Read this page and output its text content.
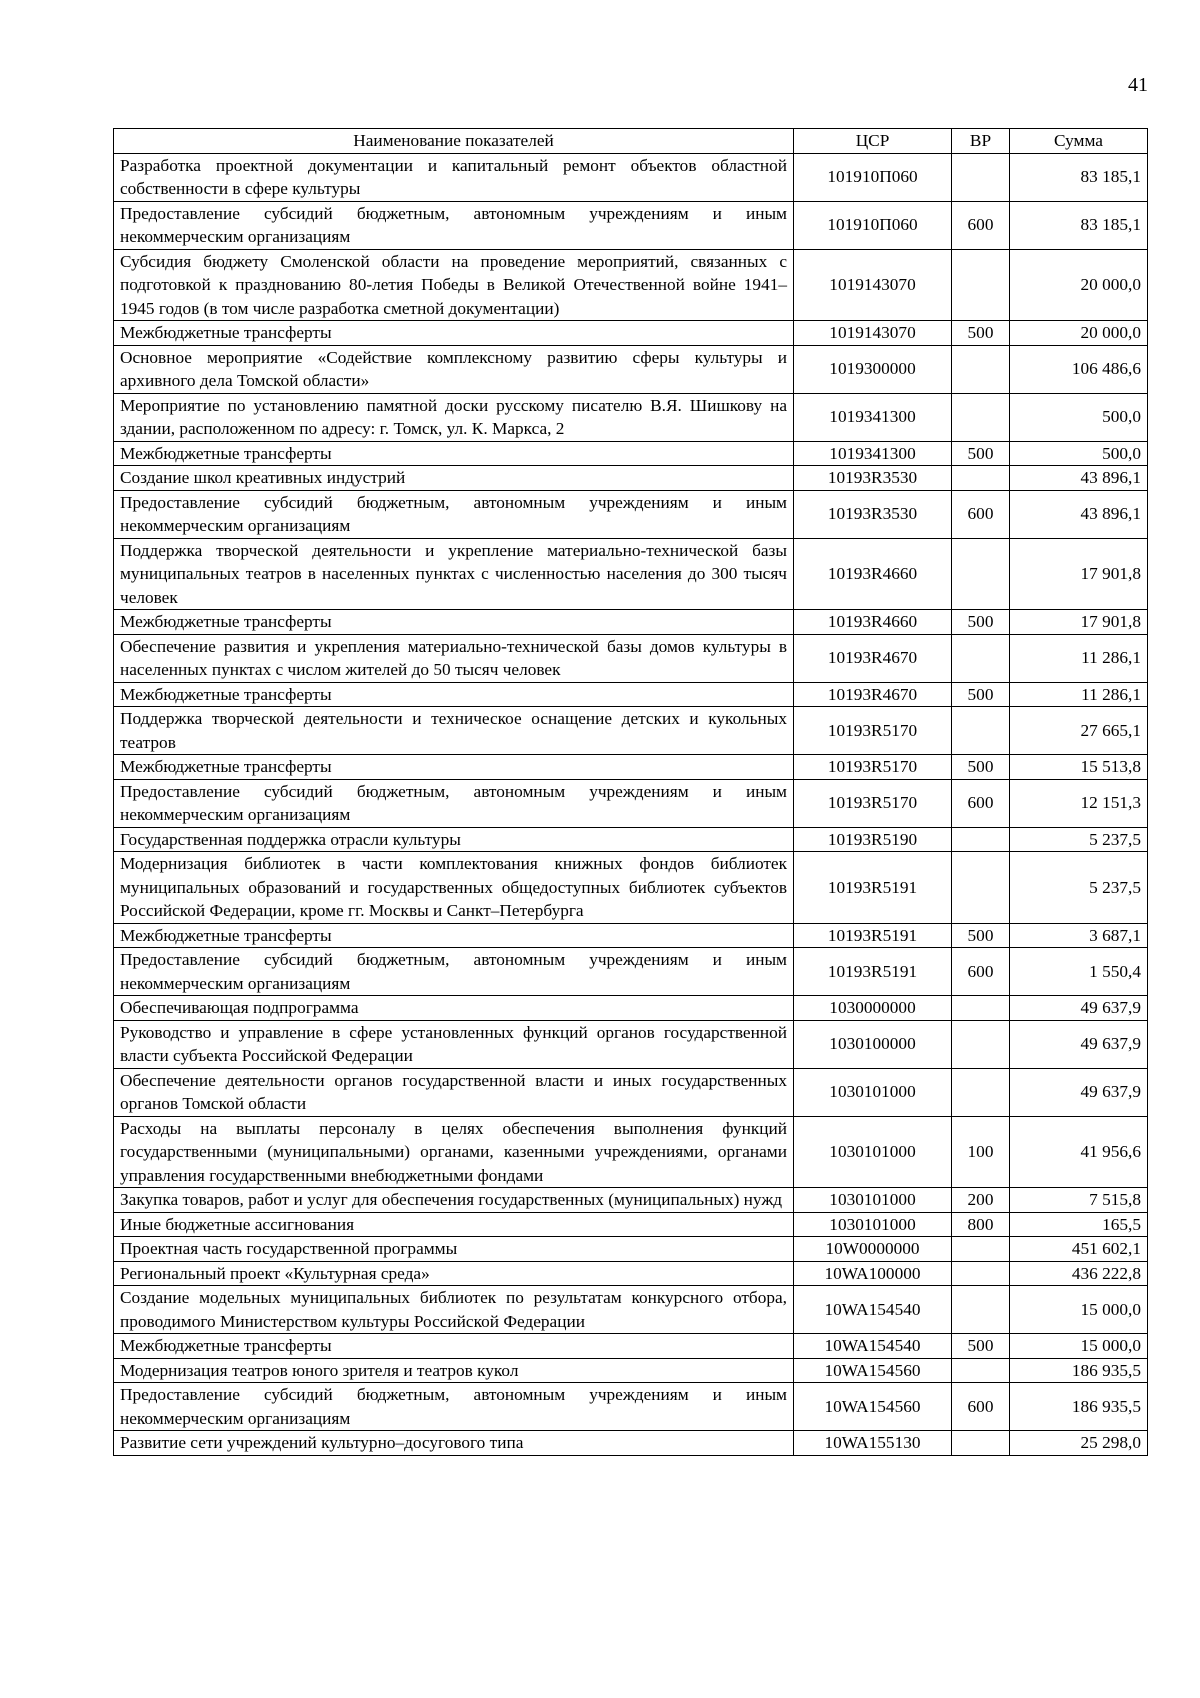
41
Наименование показателей	ЦСР	ВР	Сумма
Разработка проектной документации и капитальный ремонт объектов областной собственности в сфере культуры	101910П060		83 185,1
Предоставление субсидий бюджетным, автономным учреждениям и иным некоммерческим организациям	101910П060	600	83 185,1
Субсидия бюджету Смоленской области на проведение мероприятий, связанных с подготовкой к празднованию 80-летия Победы в Великой Отечественной войне 1941–1945 годов (в том числе разработка сметной документации)	1019143070		20 000,0
Межбюджетные трансферты	1019143070	500	20 000,0
Основное мероприятие «Содействие комплексному развитию сферы культуры и архивного дела Томской области»	1019300000		106 486,6
Мероприятие по установлению памятной доски русскому писателю В.Я. Шишкову на здании, расположенном по адресу: г. Томск, ул. К. Маркса, 2	1019341300		500,0
Межбюджетные трансферты	1019341300	500	500,0
Создание школ креативных индустрий	10193R3530		43 896,1
Предоставление субсидий бюджетным, автономным учреждениям и иным некоммерческим организациям	10193R3530	600	43 896,1
Поддержка творческой деятельности и укрепление материально-технической базы муниципальных театров в населенных пунктах с численностью населения до 300 тысяч человек	10193R4660		17 901,8
Межбюджетные трансферты	10193R4660	500	17 901,8
Обеспечение развития и укрепления материально-технической базы домов культуры в населенных пунктах с числом жителей до 50 тысяч человек	10193R4670		11 286,1
Межбюджетные трансферты	10193R4670	500	11 286,1
Поддержка творческой деятельности и техническое оснащение детских и кукольных театров	10193R5170		27 665,1
Межбюджетные трансферты	10193R5170	500	15 513,8
Предоставление субсидий бюджетным, автономным учреждениям и иным некоммерческим организациям	10193R5170	600	12 151,3
Государственная поддержка отрасли культуры	10193R5190		5 237,5
Модернизация библиотек в части комплектования книжных фондов библиотек муниципальных образований и государственных общедоступных библиотек субъектов Российской Федерации, кроме гг. Москвы и Санкт–Петербурга	10193R5191		5 237,5
Межбюджетные трансферты	10193R5191	500	3 687,1
Предоставление субсидий бюджетным, автономным учреждениям и иным некоммерческим организациям	10193R5191	600	1 550,4
Обеспечивающая подпрограмма	1030000000		49 637,9
Руководство и управление в сфере установленных функций органов государственной власти субъекта Российской Федерации	1030100000		49 637,9
Обеспечение деятельности органов государственной власти и иных государственных органов Томской области	1030101000		49 637,9
Расходы на выплаты персоналу в целях обеспечения выполнения функций государственными (муниципальными) органами, казенными учреждениями, органами управления государственными внебюджетными фондами	1030101000	100	41 956,6
Закупка товаров, работ и услуг для обеспечения государственных (муниципальных) нужд	1030101000	200	7 515,8
Иные бюджетные ассигнования	1030101000	800	165,5
Проектная часть государственной программы	10W0000000		451 602,1
Региональный проект «Культурная среда»	10WA100000		436 222,8
Создание модельных муниципальных библиотек по результатам конкурсного отбора, проводимого Министерством культуры Российской Федерации	10WA154540		15 000,0
Межбюджетные трансферты	10WA154540	500	15 000,0
Модернизация театров юного зрителя и театров кукол	10WA154560		186 935,5
Предоставление субсидий бюджетным, автономным учреждениям и иным некоммерческим организациям	10WA154560	600	186 935,5
Развитие сети учреждений культурно–досугового типа	10WA155130		25 298,0
